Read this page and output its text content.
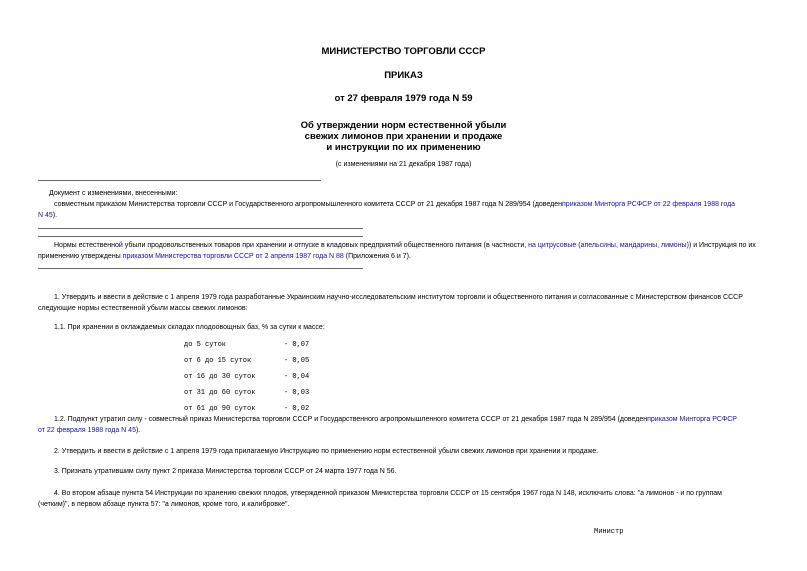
МИНИСТЕРСТВО ТОРГОВЛИ СССР
ПРИКАЗ
от 27 февраля 1979 года N 59
Об утверждении норм естественной убыли
свежих лимонов при хранении и продаже
и инструкции по их применению
(с изменениями на 21 декабря 1987 года)
Документ с изменениями, внесенными:
совместным приказом Министерства торговли СССР и Государственного агропромышленного комитета СССР от 21 декабря 1987 года N 289/954 (доведенприказом Минторга РСФСР от 22 февраля 1988 года
N 45).
Нормы естественной убыли продовольственных товаров при хранении и отпуске в кладовых предприятий общественного питания (в частности, на цитрусовые (апельсины, мандарины, лимоны)) и Инструкция по их
применению утверждены приказом Министерства торговли СССР от 2 апреля 1987 года N 88 (Приложения 6 и 7).
1. Утвердить и ввести в действие с 1 апреля 1979 года разработанные Украинским научно-исследовательским институтом торговли и общественного питания и согласованные с Министерством финансов СССР
следующие нормы естественной убыли массы свежих лимонов:
1.1. При хранении в охлаждаемых складах плодоовощных баз, % за сутки к массе:
до 5 суток	- 0,07
от 6 до 15 суток	- 0,05
от 16 до 30 суток	- 0,04
от 31 до 60 суток	- 0,03
от 61 до 90 суток	- 0,02
1.2. Подпункт утратил силу - совместный приказ Министерства торговли СССР и Государственного агропромышленного комитета СССР от 21 декабря 1987 года N 289/954 (доведенприказом Минторга РСФСР
от 22 февраля 1988 года N 45).
2. Утвердить и ввести в действие с 1 апреля 1979 года прилагаемую Инструкцию по применению норм естественной убыли свежих лимонов при хранении и продаже.
3. Признать утратившим силу пункт 2 приказа Министерства торговли СССР от 24 марта 1977 года N 56.
4. Во втором абзаце пункта 54 Инструкции по хранению свежих плодов, утвержденной приказом Министерства торговли СССР от 15 сентября 1967 года N 148, исключить слова: "а лимонов - и по группам
(четким)", в первом абзаце пункта 57: "а лимонов, кроме того, и калибровке".
Министр
